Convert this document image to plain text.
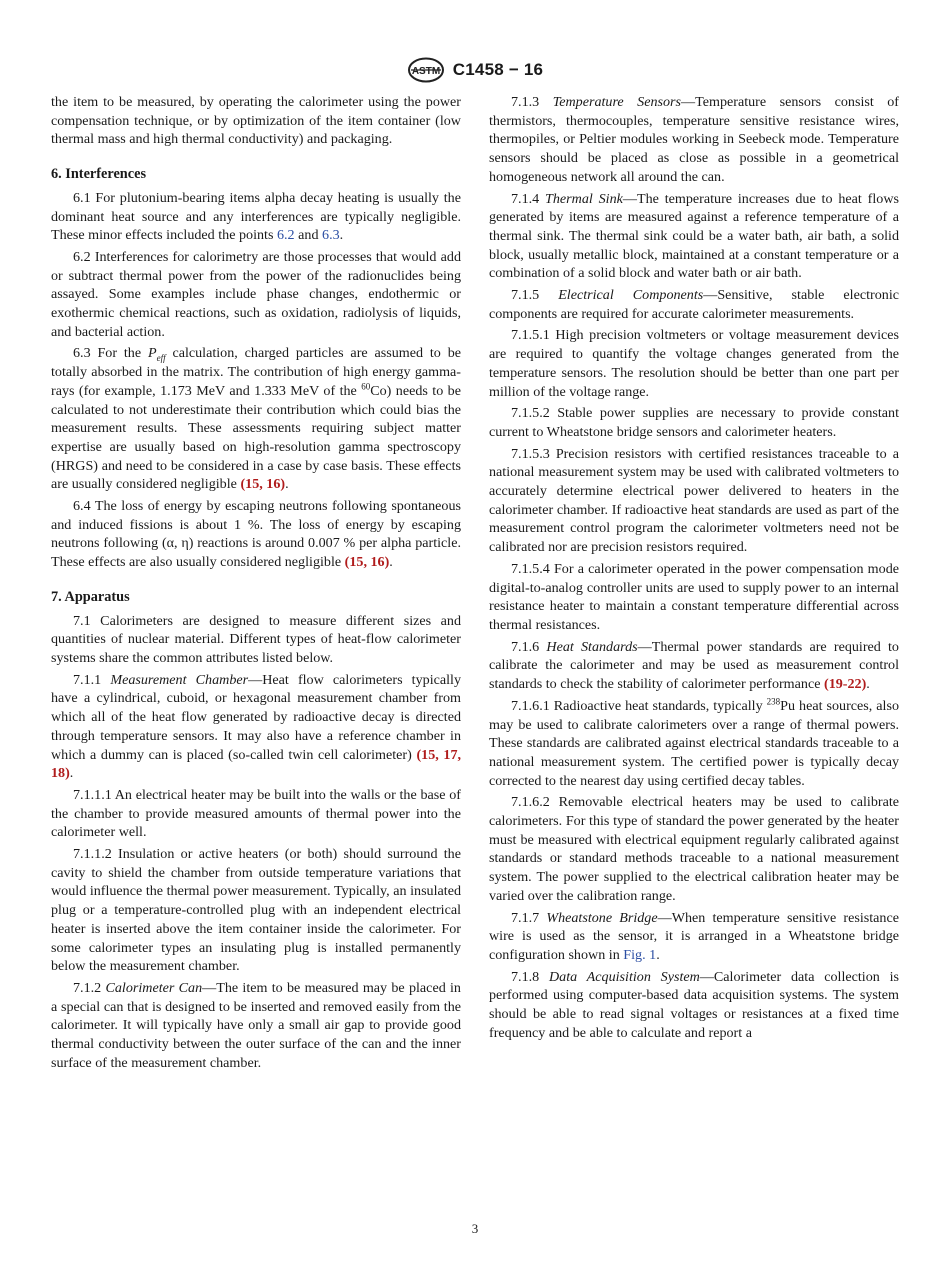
ASTM C1458 − 16

the item to be measured, by operating the calorimeter using the power compensation technique, or by optimization of the item container (low thermal mass and high thermal conductivity) and packaging.

6. Interferences

6.1 For plutonium-bearing items alpha decay heating is usually the dominant heat source and any interferences are typically negligible. These minor effects included the points 6.2 and 6.3.

6.2 Interferences for calorimetry are those processes that would add or subtract thermal power from the power of the radionuclides being assayed. Some examples include phase changes, endothermic or exothermic chemical reactions, such as oxidation, radiolysis of liquids, and bacterial action.

6.3 For the $P_{eff}$ calculation, charged particles are assumed to be totally absorbed in the matrix. The contribution of high energy gamma-rays (for example, 1.173 MeV and 1.333 MeV of the $^{60}$Co) needs to be calculated to not underestimate their contribution which could bias the measurement results. These assessments requiring subject matter expertise are usually based on high-resolution gamma spectroscopy (HRGS) and need to be considered in a case by case basis. These effects are usually considered negligible (15, 16).

6.4 The loss of energy by escaping neutrons following spontaneous and induced fissions is about 1 %. The loss of energy by escaping neutrons following (α, η) reactions is around 0.007 % per alpha particle. These effects are also usually considered negligible (15, 16).

7. Apparatus

7.1 Calorimeters are designed to measure different sizes and quantities of nuclear material. Different types of heat-flow calorimeter systems share the common attributes listed below.

7.1.1 Measurement Chamber—Heat flow calorimeters typically have a cylindrical, cuboid, or hexagonal measurement chamber from which all of the heat flow generated by radioactive decay is directed through temperature sensors. It may also have a reference chamber in which a dummy can is placed (so-called twin cell calorimeter) (15, 17, 18).

7.1.1.1 An electrical heater may be built into the walls or the base of the chamber to provide measured amounts of thermal power into the calorimeter well.

7.1.1.2 Insulation or active heaters (or both) should surround the cavity to shield the chamber from outside temperature variations that would influence the thermal power measurement. Typically, an insulated plug or a temperature-controlled plug with an independent electrical heater is inserted above the item container inside the calorimeter. For some calorimeter types an insulating plug is installed permanently below the measurement chamber.

7.1.2 Calorimeter Can—The item to be measured may be placed in a special can that is designed to be inserted and removed easily from the calorimeter. It will typically have only a small air gap to provide good thermal conductivity between the outer surface of the can and the inner surface of the measurement chamber.

7.1.3 Temperature Sensors—Temperature sensors consist of thermistors, thermocouples, temperature sensitive resistance wires, thermopiles, or Peltier modules working in Seebeck mode. Temperature sensors should be placed as close as possible in a geometrical homogeneous network all around the can.

7.1.4 Thermal Sink—The temperature increases due to heat flows generated by items are measured against a reference temperature of a thermal sink. The thermal sink could be a water bath, air bath, a solid block, usually metallic block, maintained at a constant temperature or a combination of a solid block and water bath or air bath.

7.1.5 Electrical Components—Sensitive, stable electronic components are required for accurate calorimeter measurements.

7.1.5.1 High precision voltmeters or voltage measurement devices are required to quantify the voltage changes generated from the temperature sensors. The resolution should be better than one part per million of the voltage range.

7.1.5.2 Stable power supplies are necessary to provide constant current to Wheatstone bridge sensors and calorimeter heaters.

7.1.5.3 Precision resistors with certified resistances traceable to a national measurement system may be used with calibrated voltmeters to accurately determine electrical power delivered to heaters in the calorimeter chamber. If radioactive heat standards are used as part of the measurement control program the calorimeter voltmeters need not be calibrated nor are precision resistors required.

7.1.5.4 For a calorimeter operated in the power compensation mode digital-to-analog controller units are used to supply power to an internal resistance heater to maintain a constant temperature differential across thermal resistances.

7.1.6 Heat Standards—Thermal power standards are required to calibrate the calorimeter and may be used as measurement control standards to check the stability of calorimeter performance (19-22).

7.1.6.1 Radioactive heat standards, typically $^{238}$Pu heat sources, also may be used to calibrate calorimeters over a range of thermal powers. These standards are calibrated against electrical standards traceable to a national measurement system. The certified power is typically decay corrected to the nearest day using certified decay tables.

7.1.6.2 Removable electrical heaters may be used to calibrate calorimeters. For this type of standard the power generated by the heater must be measured with electrical equipment regularly calibrated against standards or standard methods traceable to a national measurement system. The power supplied to the electrical calibration heater may be varied over the calibration range.

7.1.7 Wheatstone Bridge—When temperature sensitive resistance wire is used as the sensor, it is arranged in a Wheatstone bridge configuration shown in Fig. 1.

7.1.8 Data Acquisition System—Calorimeter data collection is performed using computer-based data acquisition systems. The system should be able to read signal voltages or resistances at a fixed time frequency and be able to calculate and report a

3
